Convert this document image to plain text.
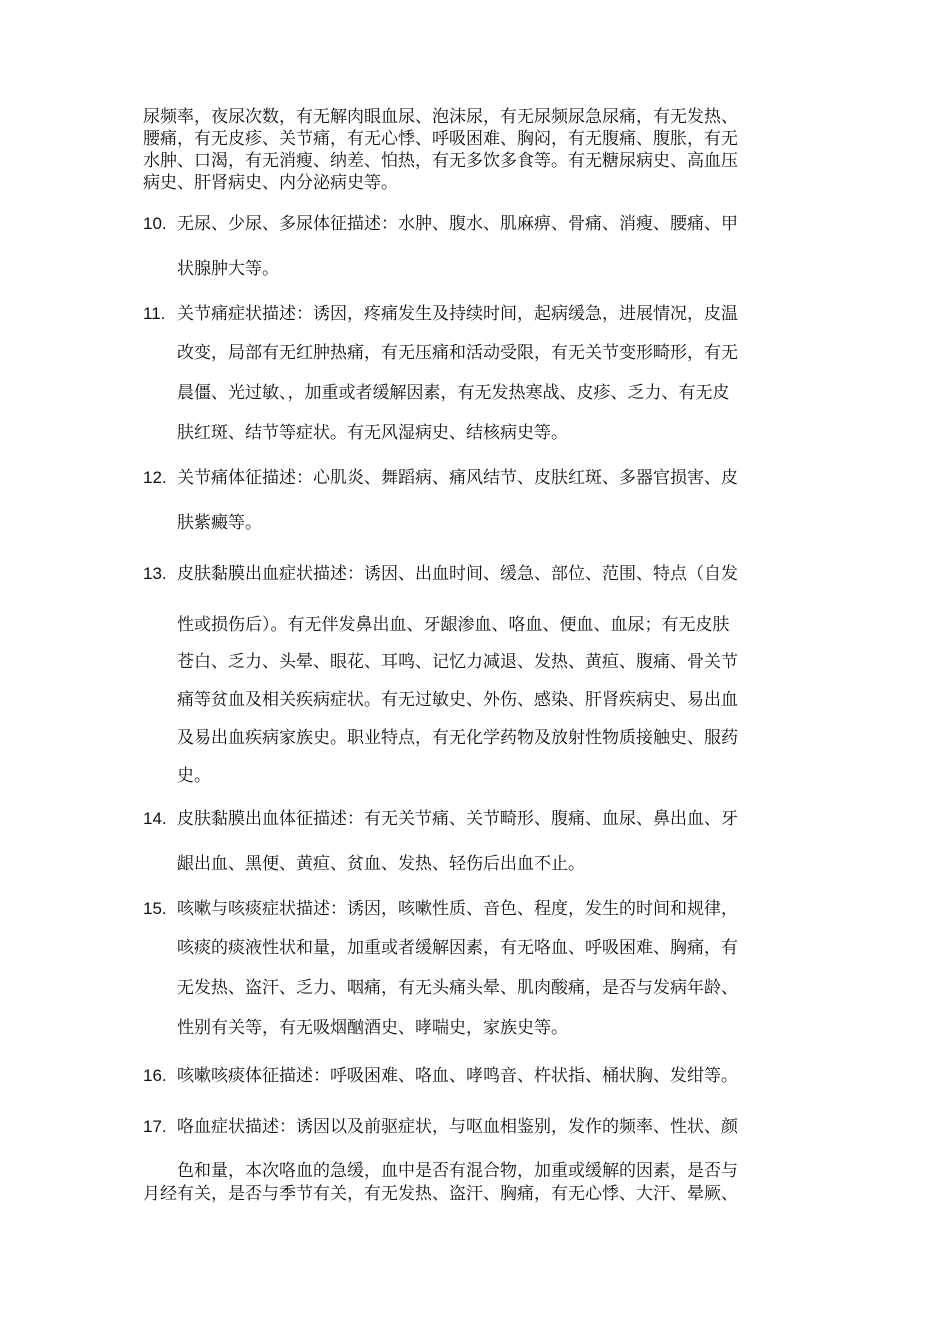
尿频率，夜尿次数，有无解肉眼血尿、泡沫尿，有无尿频尿急尿痛，有无发热、
腰痛，有无皮疹、关节痛，有无心悸、呼吸困难、胸闷，有无腹痛、腹胀，有无
水肿、口渴，有无消瘦、纳差、怕热，有无多饮多食等。有无糖尿病史、高血压
病史、肝肾病史、内分泌病史等。
10. 无尿、少尿、多尿体征描述：水肿、腹水、肌麻痹、骨痛、消瘦、腰痛、甲
状腺肿大等。
11. 关节痛症状描述：诱因，疼痛发生及持续时间，起病缓急，进展情况，皮温
改变，局部有无红肿热痛，有无压痛和活动受限，有无关节变形畸形，有无
晨僵、光过敏、，加重或者缓解因素，有无发热寒战、皮疹、乏力、有无皮
肤红斑、结节等症状。有无风湿病史、结核病史等。
12. 关节痛体征描述：心肌炎、舞蹈病、痛风结节、皮肤红斑、多器官损害、皮
肤紫癜等。
13. 皮肤黏膜出血症状描述：诱因、出血时间、缓急、部位、范围、特点（自发
性或损伤后）。有无伴发鼻出血、牙龈渗血、咯血、便血、血尿；有无皮肤
苍白、乏力、头晕、眼花、耳鸣、记忆力减退、发热、黄疸、腹痛、骨关节
痛等贫血及相关疾病症状。有无过敏史、外伤、感染、肝肾疾病史、易出血
及易出血疾病家族史。职业特点，有无化学药物及放射性物质接触史、服药
史。
14. 皮肤黏膜出血体征描述：有无关节痛、关节畸形、腹痛、血尿、鼻出血、牙
龈出血、黑便、黄疸、贫血、发热、轻伤后出血不止。
15. 咳嗽与咳痰症状描述：诱因，咳嗽性质、音色、程度，发生的时间和规律，
咳痰的痰液性状和量，加重或者缓解因素，有无咯血、呼吸困难、胸痛，有
无发热、盗汗、乏力、咽痛，有无头痛头晕、肌肉酸痛，是否与发病年龄、
性别有关等，有无吸烟酗酒史、哮喘史，家族史等。
16. 咳嗽咳痰体征描述：呼吸困难、咯血、哮鸣音、杵状指、桶状胸、发绀等。
17. 咯血症状描述：诱因以及前驱症状，与呕血相鉴别，发作的频率、性状、颜
色和量，本次咯血的急缓，血中是否有混合物，加重或缓解的因素，是否与
月经有关，是否与季节有关，有无发热、盗汗、胸痛，有无心悸、大汗、晕厥、
